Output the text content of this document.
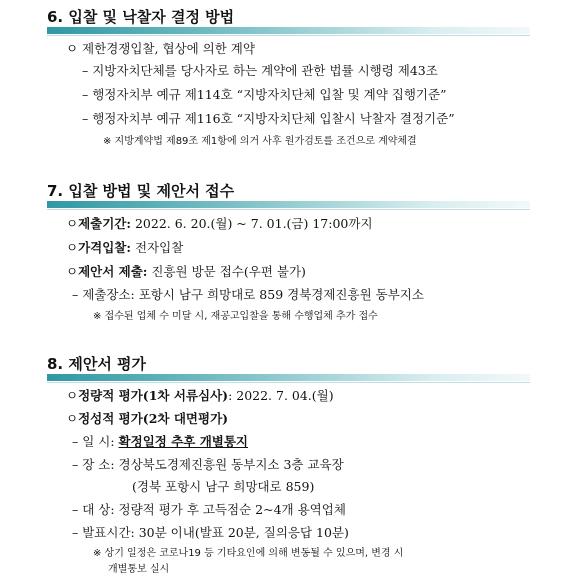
6. 입찰 및 낙찰자 결정 방법
ㅇ 제한경쟁입찰, 협상에 의한 계약
– 지방자치단체를 당사자로 하는 계약에 관한 법률 시행령 제43조
– 행정자치부 예규 제114호 “지방자치단체 입찰 및 계약 집행기준”
– 행정자치부 예규 제116호 “지방자치단체 입찰시 낙찰자 결정기준”
※ 지방계약법 제89조 제1항에 의거 사후 원가검토를 조건으로 계약체결
7. 입찰 방법 및 제안서 접수
ㅇ제출기간: 2022. 6. 20.(월) ~ 7. 01.(금) 17:00까지
ㅇ가격입찰: 전자입찰
ㅇ제안서 제출: 진흥원 방문 접수(우편 불가)
– 제출장소: 포항시 남구 희망대로 859 경북경제진흥원 동부지소
※ 접수된 업체 수 미달 시, 재공고입찰을 통해 수행업체 추가 접수
8. 제안서 평가
ㅇ정량적 평가(1차 서류심사): 2022. 7. 04.(월)
ㅇ정성적 평가(2차 대면평가)
– 일 시: 확정일정 추후 개별통지
– 장 소: 경상북도경제진흥원 동부지소 3층 교육장
(경북 포항시 남구 희망대로 859)
– 대 상: 정량적 평가 후 고득점순 2~4개 용역업체
– 발표시간: 30분 이내(발표 20분, 질의응답 10분)
※ 상기 일정은 코로나19 등 기타요인에 의해 변동될 수 있으며, 변경 시
개별통보 실시
